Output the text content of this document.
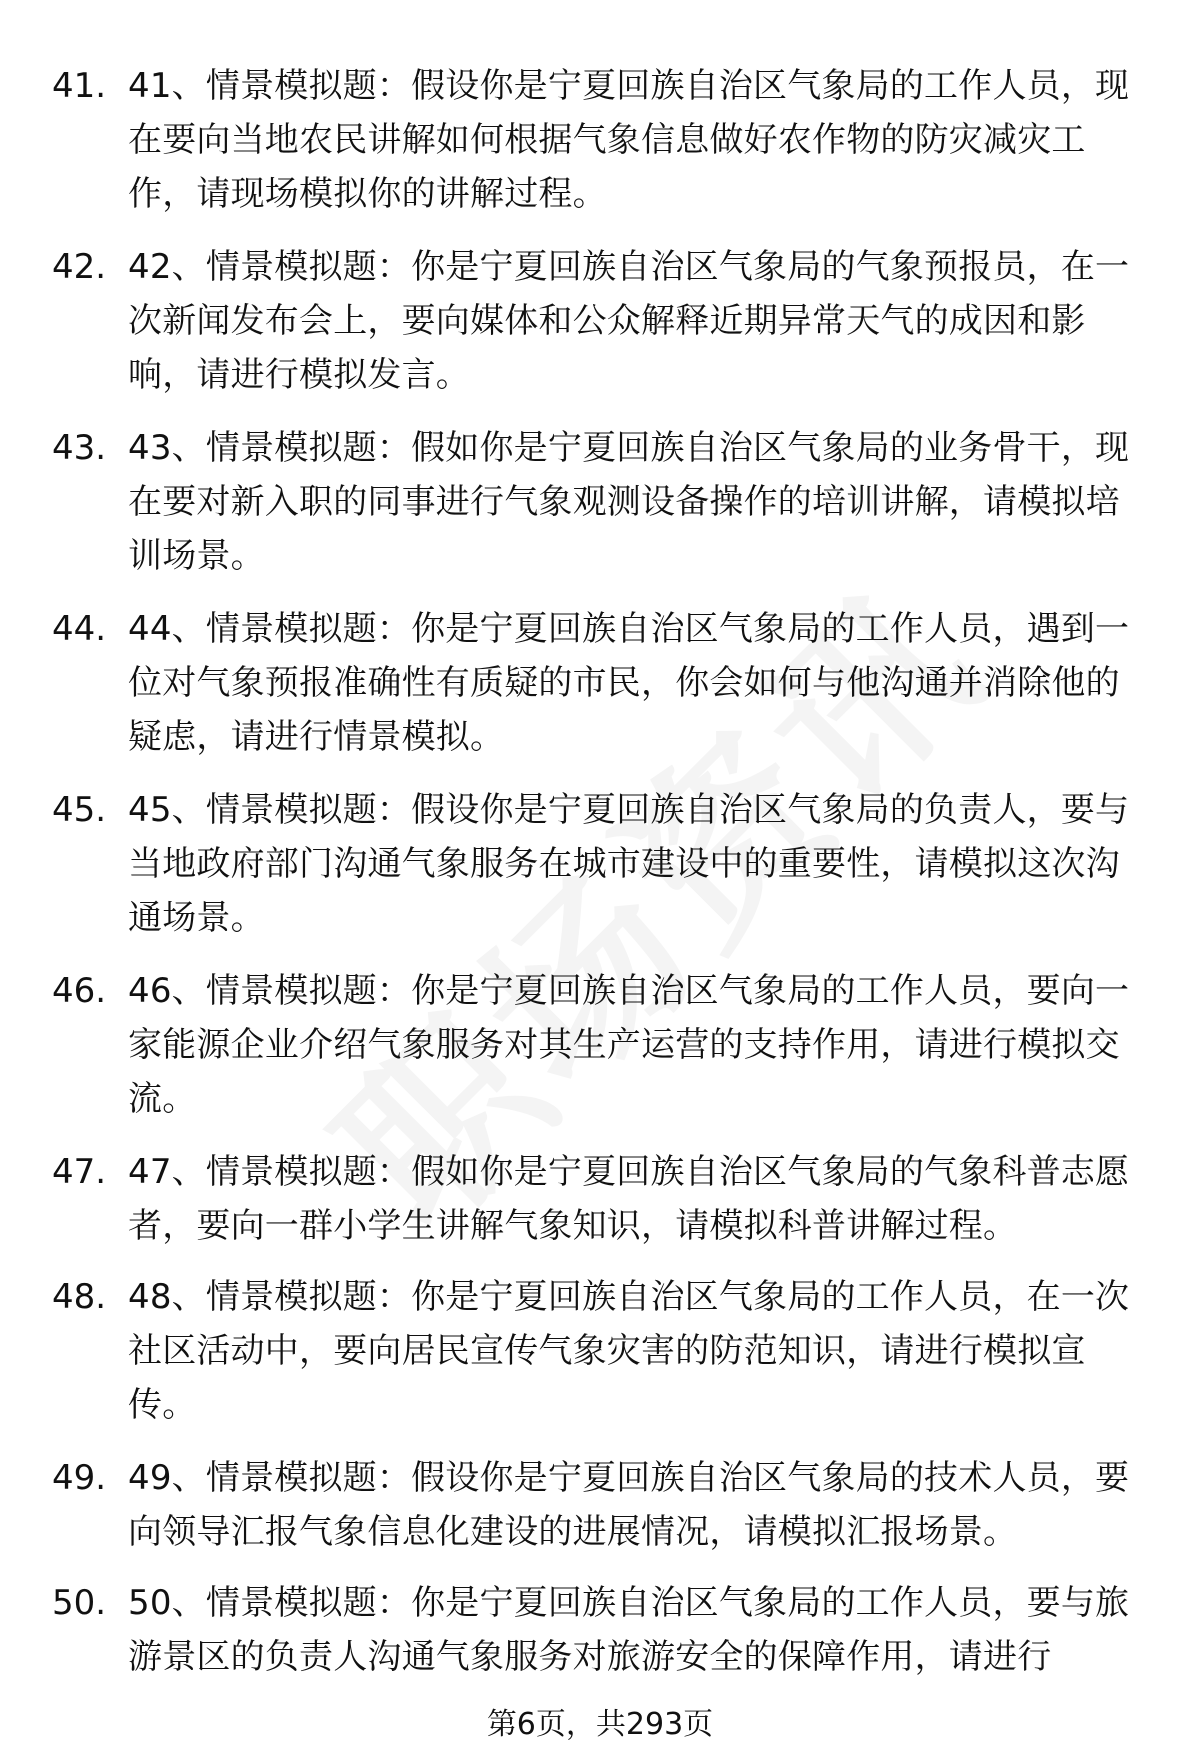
41. 41、情景模拟题：假设你是宁夏回族自治区气象局的工作人员，现在要向当地农民讲解如何根据气象信息做好农作物的防灾减灾工作，请现场模拟你的讲解过程。
42. 42、情景模拟题：你是宁夏回族自治区气象局的气象预报员，在一次新闻发布会上，要向媒体和公众解释近期异常天气的成因和影响，请进行模拟发言。
43. 43、情景模拟题：假如你是宁夏回族自治区气象局的业务骨干，现在要对新入职的同事进行气象观测设备操作的培训讲解，请模拟培训场景。
44. 44、情景模拟题：你是宁夏回族自治区气象局的工作人员，遇到一位对气象预报准确性有质疑的市民，你会如何与他沟通并消除他的疑虑，请进行情景模拟。
45. 45、情景模拟题：假设你是宁夏回族自治区气象局的负责人，要与当地政府部门沟通气象服务在城市建设中的重要性，请模拟这次沟通场景。
46. 46、情景模拟题：你是宁夏回族自治区气象局的工作人员，要向一家能源企业介绍气象服务对其生产运营的支持作用，请进行模拟交流。
47. 47、情景模拟题：假如你是宁夏回族自治区气象局的气象科普志愿者，要向一群小学生讲解气象知识，请模拟科普讲解过程。
48. 48、情景模拟题：你是宁夏回族自治区气象局的工作人员，在一次社区活动中，要向居民宣传气象灾害的防范知识，请进行模拟宣传。
49. 49、情景模拟题：假设你是宁夏回族自治区气象局的技术人员，要向领导汇报气象信息化建设的进展情况，请模拟汇报场景。
50. 50、情景模拟题：你是宁夏回族自治区气象局的工作人员，要与旅游景区的负责人沟通气象服务对旅游安全的保障作用，请进行
第6页，共293页
